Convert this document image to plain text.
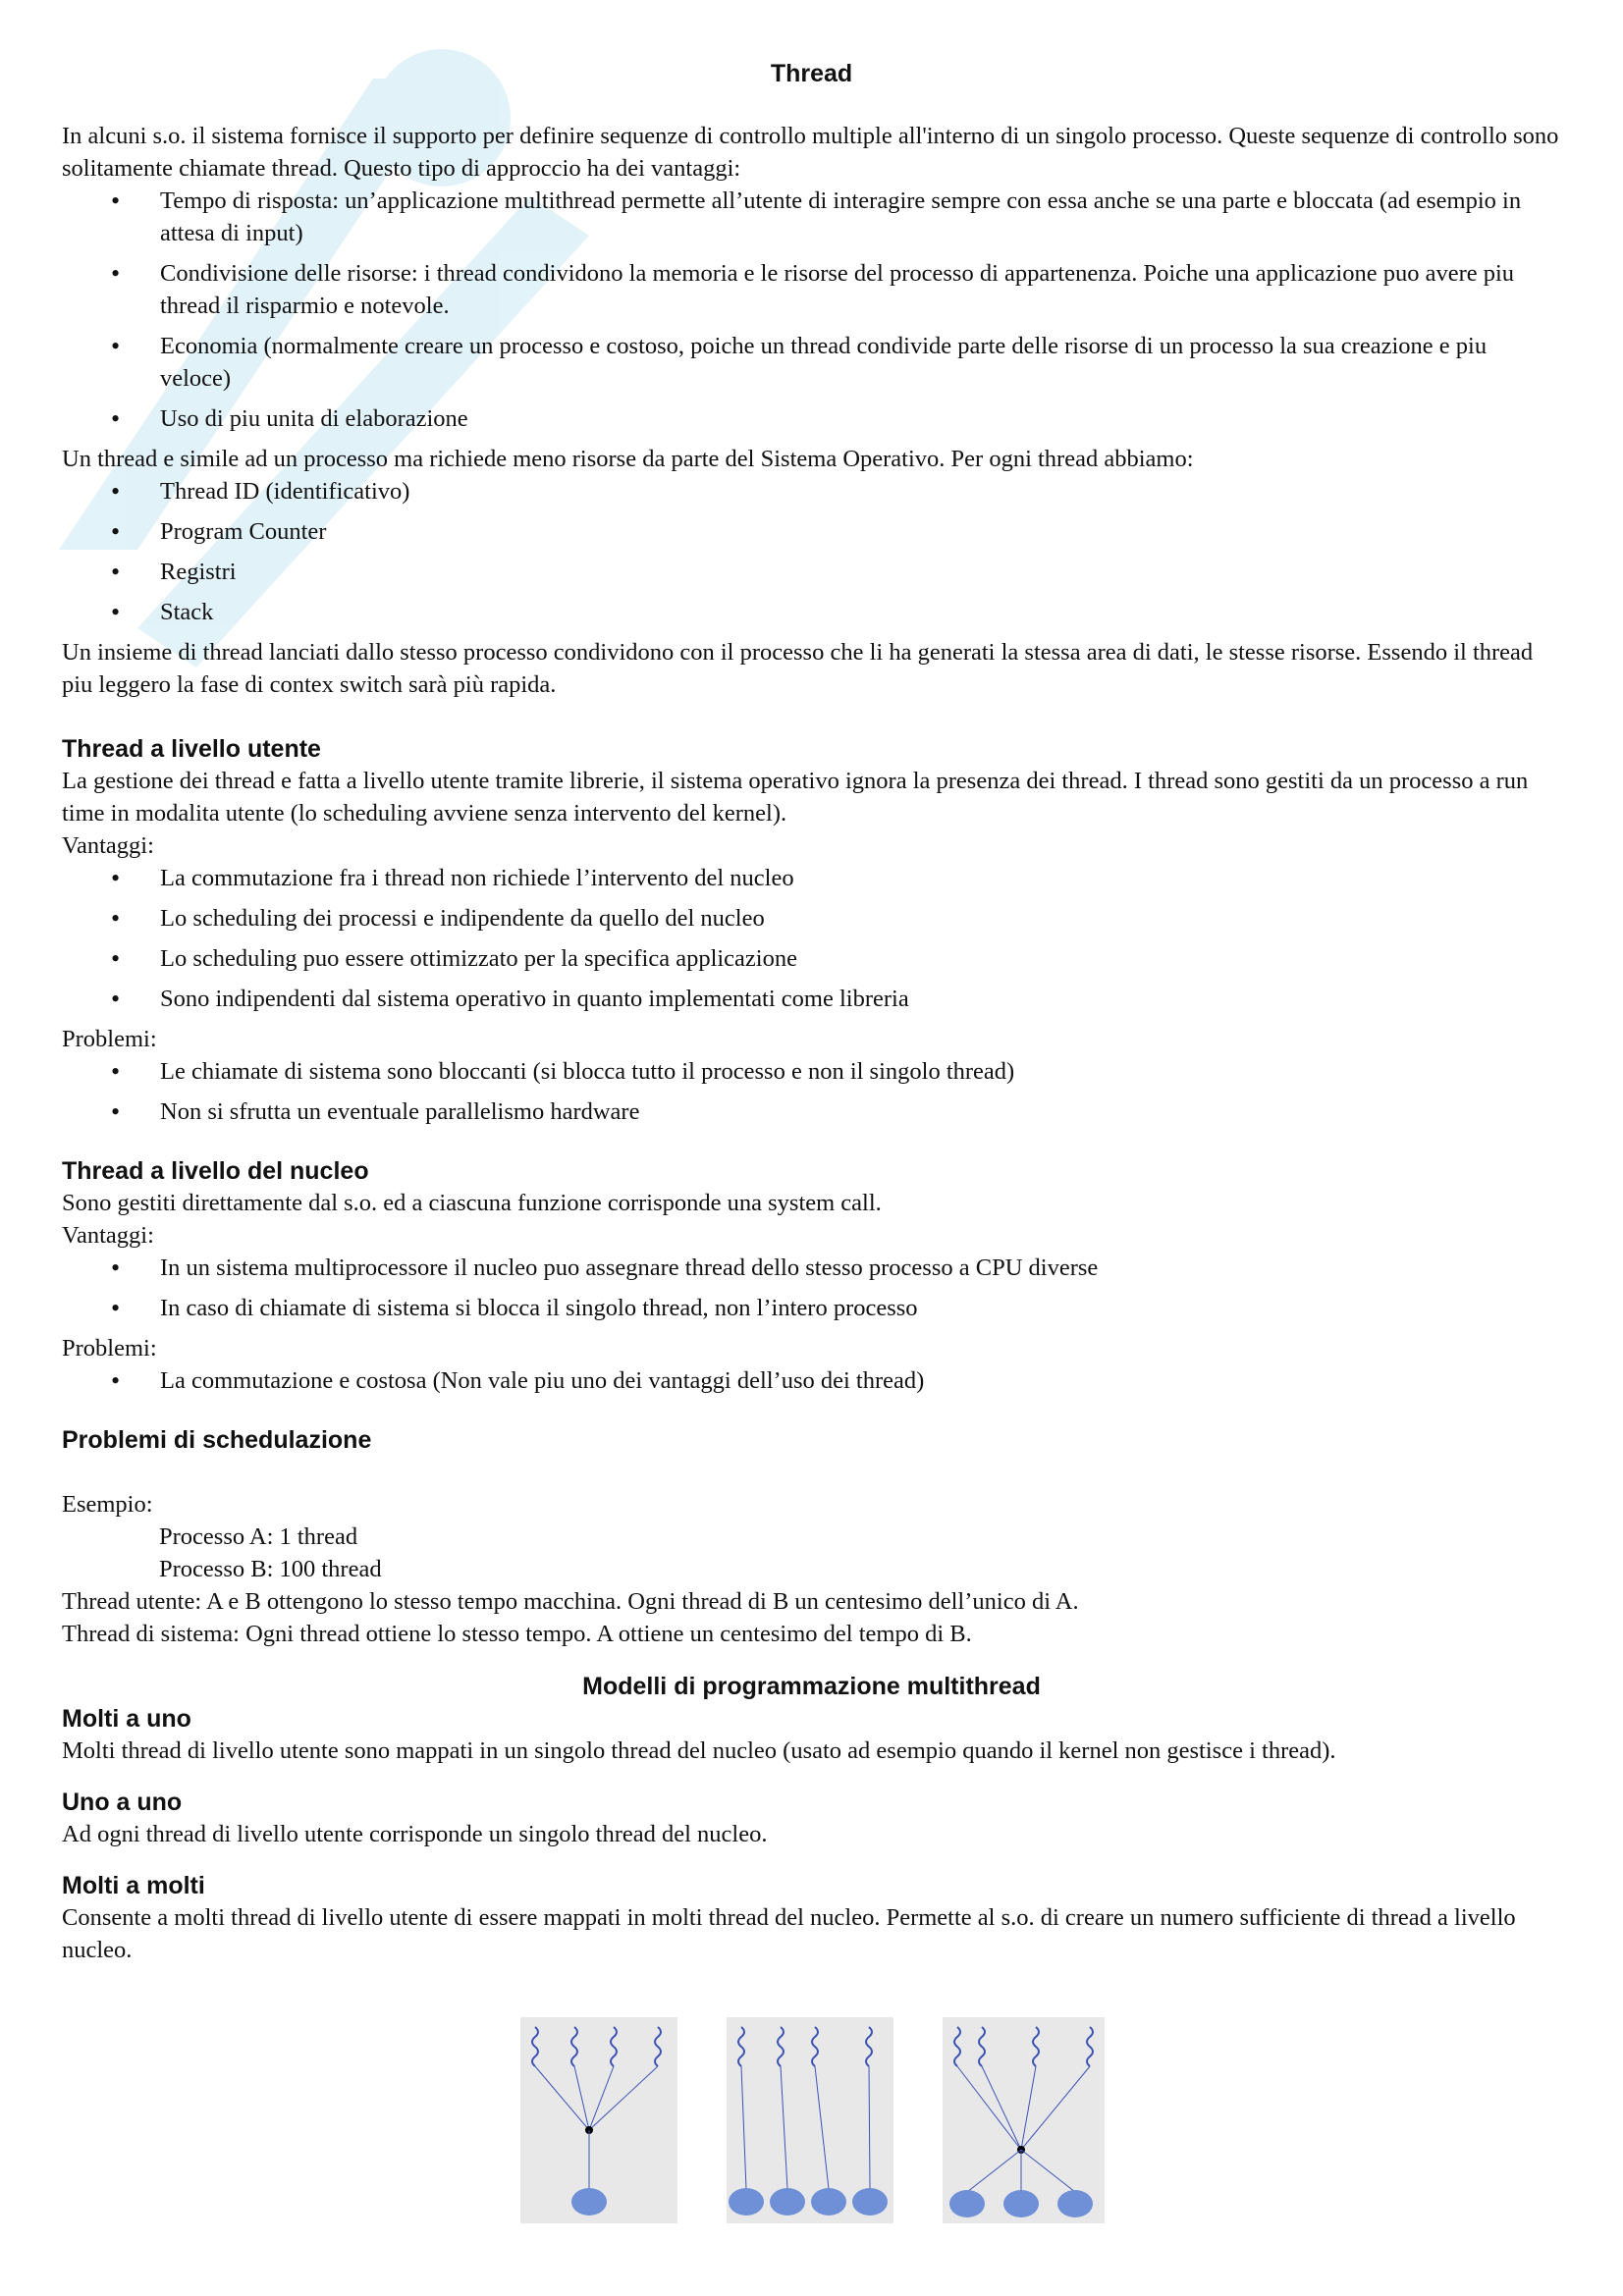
Thread

In alcuni s.o. il sistema fornisce il supporto per definire sequenze di controllo multiple all'interno di un singolo processo. Queste sequenze di controllo sono solitamente chiamate thread. Questo tipo di approccio ha dei vantaggi:

• Tempo di risposta: un’applicazione multithread permette all’utente di interagire sempre con essa anche se una parte e bloccata (ad esempio in attesa di input)
• Condivisione delle risorse: i thread condividono la memoria e le risorse del processo di appartenenza. Poiche una applicazione puo avere piu thread il risparmio e notevole.
• Economia (normalmente creare un processo e costoso, poiche un thread condivide parte delle risorse di un processo la sua creazione e piu veloce)
• Uso di piu unita di elaborazione

Un thread e simile ad un processo ma richiede meno risorse da parte del Sistema Operativo. Per ogni thread abbiamo:

• Thread ID (identificativo)
• Program Counter
• Registri
• Stack

Un insieme di thread lanciati dallo stesso processo condividono con il processo che li ha generati la stessa area di dati, le stesse risorse. Essendo il thread piu leggero la fase di contex switch sarà più rapida.

Thread a livello utente

La gestione dei thread e fatta a livello utente tramite librerie, il sistema operativo ignora la presenza dei thread. I thread sono gestiti da un processo a run time in modalita utente (lo scheduling avviene senza intervento del kernel).

Vantaggi:

• La commutazione fra i thread non richiede l’intervento del nucleo
• Lo scheduling dei processi e indipendente da quello del nucleo
• Lo scheduling puo essere ottimizzato per la specifica applicazione
• Sono indipendenti dal sistema operativo in quanto implementati come libreria

Problemi:

• Le chiamate di sistema sono bloccanti (si blocca tutto il processo e non il singolo thread)
• Non si sfrutta un eventuale parallelismo hardware
Thread a livello del nucleo

Sono gestiti direttamente dal s.o. ed a ciascuna funzione corrisponde una system call.

Vantaggi:

• In un sistema multiprocessore il nucleo puo assegnare thread dello stesso processo a CPU diverse
• In caso di chiamate di sistema si blocca il singolo thread, non l’intero processo

Problemi:

• La commutazione e costosa (Non vale piu uno dei vantaggi dell’uso dei thread)
Problemi di schedulazione

Esempio:

Processo A: 1 thread

Processo B: 100 thread

Thread utente: A e B ottengono lo stesso tempo macchina. Ogni thread di B un centesimo dell’unico di A.

Thread di sistema: Ogni thread ottiene lo stesso tempo. A ottiene un centesimo del tempo di B.

Modelli di programmazione multithread
Molti a uno

Molti thread di livello utente sono mappati in un singolo thread del nucleo (usato ad esempio quando il kernel non gestisce i thread).

Uno a uno

Ad ogni thread di livello utente corrisponde un singolo thread del nucleo.

Molti a molti

Consente a molti thread di livello utente di essere mappati in molti thread del nucleo. Permette al s.o. di creare un numero sufficiente di thread a livello nucleo.
